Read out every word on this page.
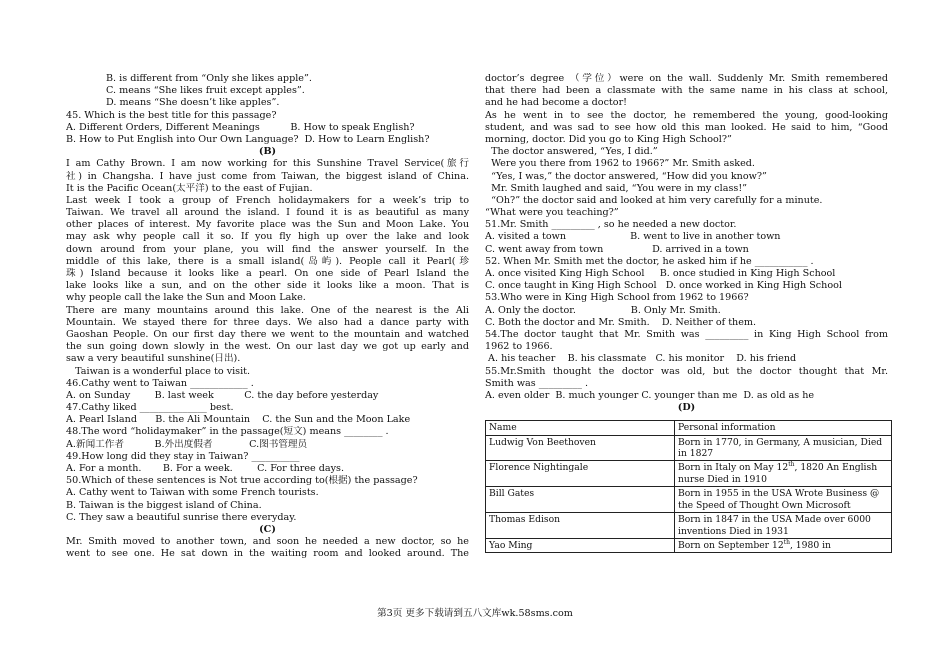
B. is different from “Only she likes apple”.
C. means “She likes fruit except apples”.
D. means “She doesn’t like apples”.
45. Which is the best title for this passage?
A. Different Orders, Different Meanings          B. How to speak English?
B. How to Put English into Our Own Language?  D. How to Learn English?
(B)
I am Cathy Brown. I am now working for this Sunshine Travel Service(旅行
社) in Changsha. I have just come from Taiwan, the biggest island of China.
It is the Pacific Ocean(太平洋) to the east of Fujian.
Last week I took a group of French holidaymakers for a week’s trip to
Taiwan. We travel all around the island. I found it is as beautiful as many
other places of interest. My favorite place was the Sun and Moon Lake. You
may ask why people call it so. If you fly high up over the lake and look
down around from your plane, you will find the answer yourself. In the
middle of this lake, there is a small island(岛屿). People call it Pearl(珍
珠) Island because it looks like a pearl. On one side of Pearl Island the
lake looks like a sun, and on the other side it looks like a moon. That is
why people call the lake the Sun and Moon Lake.
There are many mountains around this lake. One of the nearest is the Ali
Mountain. We stayed there for three days. We also had a dance party with
Gaoshan People. On our first day there we went to the mountain and watched
the sun going down slowly in the west. On our last day we got up early and
saw a very beautiful sunshine(日出).
Taiwan is a wonderful place to visit.
46.Cathy went to Taiwan ____________ .
A. on Sunday        B. last week          C. the day before yesterday
47.Cathy liked ______________ best.
A. Pearl Island      B. the Ali Mountain    C. the Sun and the Moon Lake
48.The word “holidaymaker” in the passage(短文) means ________ .
A.新闻工作者          B.外出度假者            C.图书管理员
49.How long did they stay in Taiwan? __________
A. For a month.       B. For a week.        C. For three days.
50.Which of these sentences is Not true according to(根据) the passage?
A. Cathy went to Taiwan with some French tourists.
B. Taiwan is the biggest island of China.
C. They saw a beautiful sunrise there everyday.
(C)
Mr. Smith moved to another town, and soon he needed a new doctor, so he
went to see one. He sat down in the waiting room and looked around. The
doctor’s degree （学位）were on the wall. Suddenly Mr. Smith remembered
that there had been a classmate with the same name in his class at school,
and he had become a doctor!
As he went in to see the doctor, he remembered the young, good-looking
student, and was sad to see how old this man looked. He said to him, “Good
morning, doctor. Did you go to King High School?”
The doctor answered, “Yes, I did.”
Were you there from 1962 to 1966?” Mr. Smith asked.
“Yes, I was,” the doctor answered, “How did you know?”
Mr. Smith laughed and said, “You were in my class!”
“Oh?” the doctor said and looked at him very carefully for a minute.
“What were you teaching?”
51.Mr. Smith _________ , so he needed a new doctor.
A. visited a town                     B. went to live in another town
C. went away from town                D. arrived in a town
52. When Mr. Smith met the doctor, he asked him if he ___________ .
A. once visited King High School     B. once studied in King High School
C. once taught in King High School   D. once worked in King High School
53.Who were in King High School from 1962 to 1966?
A. Only the doctor.                  B. Only Mr. Smith.
C. Both the doctor and Mr. Smith.    D. Neither of them.
54.The doctor taught that Mr. Smith was _________ in King High School from
1962 to 1966.
A. his teacher    B. his classmate   C. his monitor    D. his friend
55.Mr.Smith thought the doctor was old, but the doctor thought that Mr.
Smith was _________ .
A. even older  B. much younger C. younger than me  D. as old as he
(D)
Name	Personal information
Ludwig Von Beethoven	Born in 1770, in Germany, A musician, Died in 1827
Florence Nightingale	Born in Italy on May 12th, 1820 An English nurse Died in 1910
Bill Gates	Born in 1955 in the USA Wrote Business @ the Speed of Thought Own Microsoft
Thomas Edison	Born in 1847 in the USA Made over 6000 inventions Died in 1931
Yao Ming	Born on September 12th, 1980 in
第3页 更多下载请到五八文库wk.58sms.com
